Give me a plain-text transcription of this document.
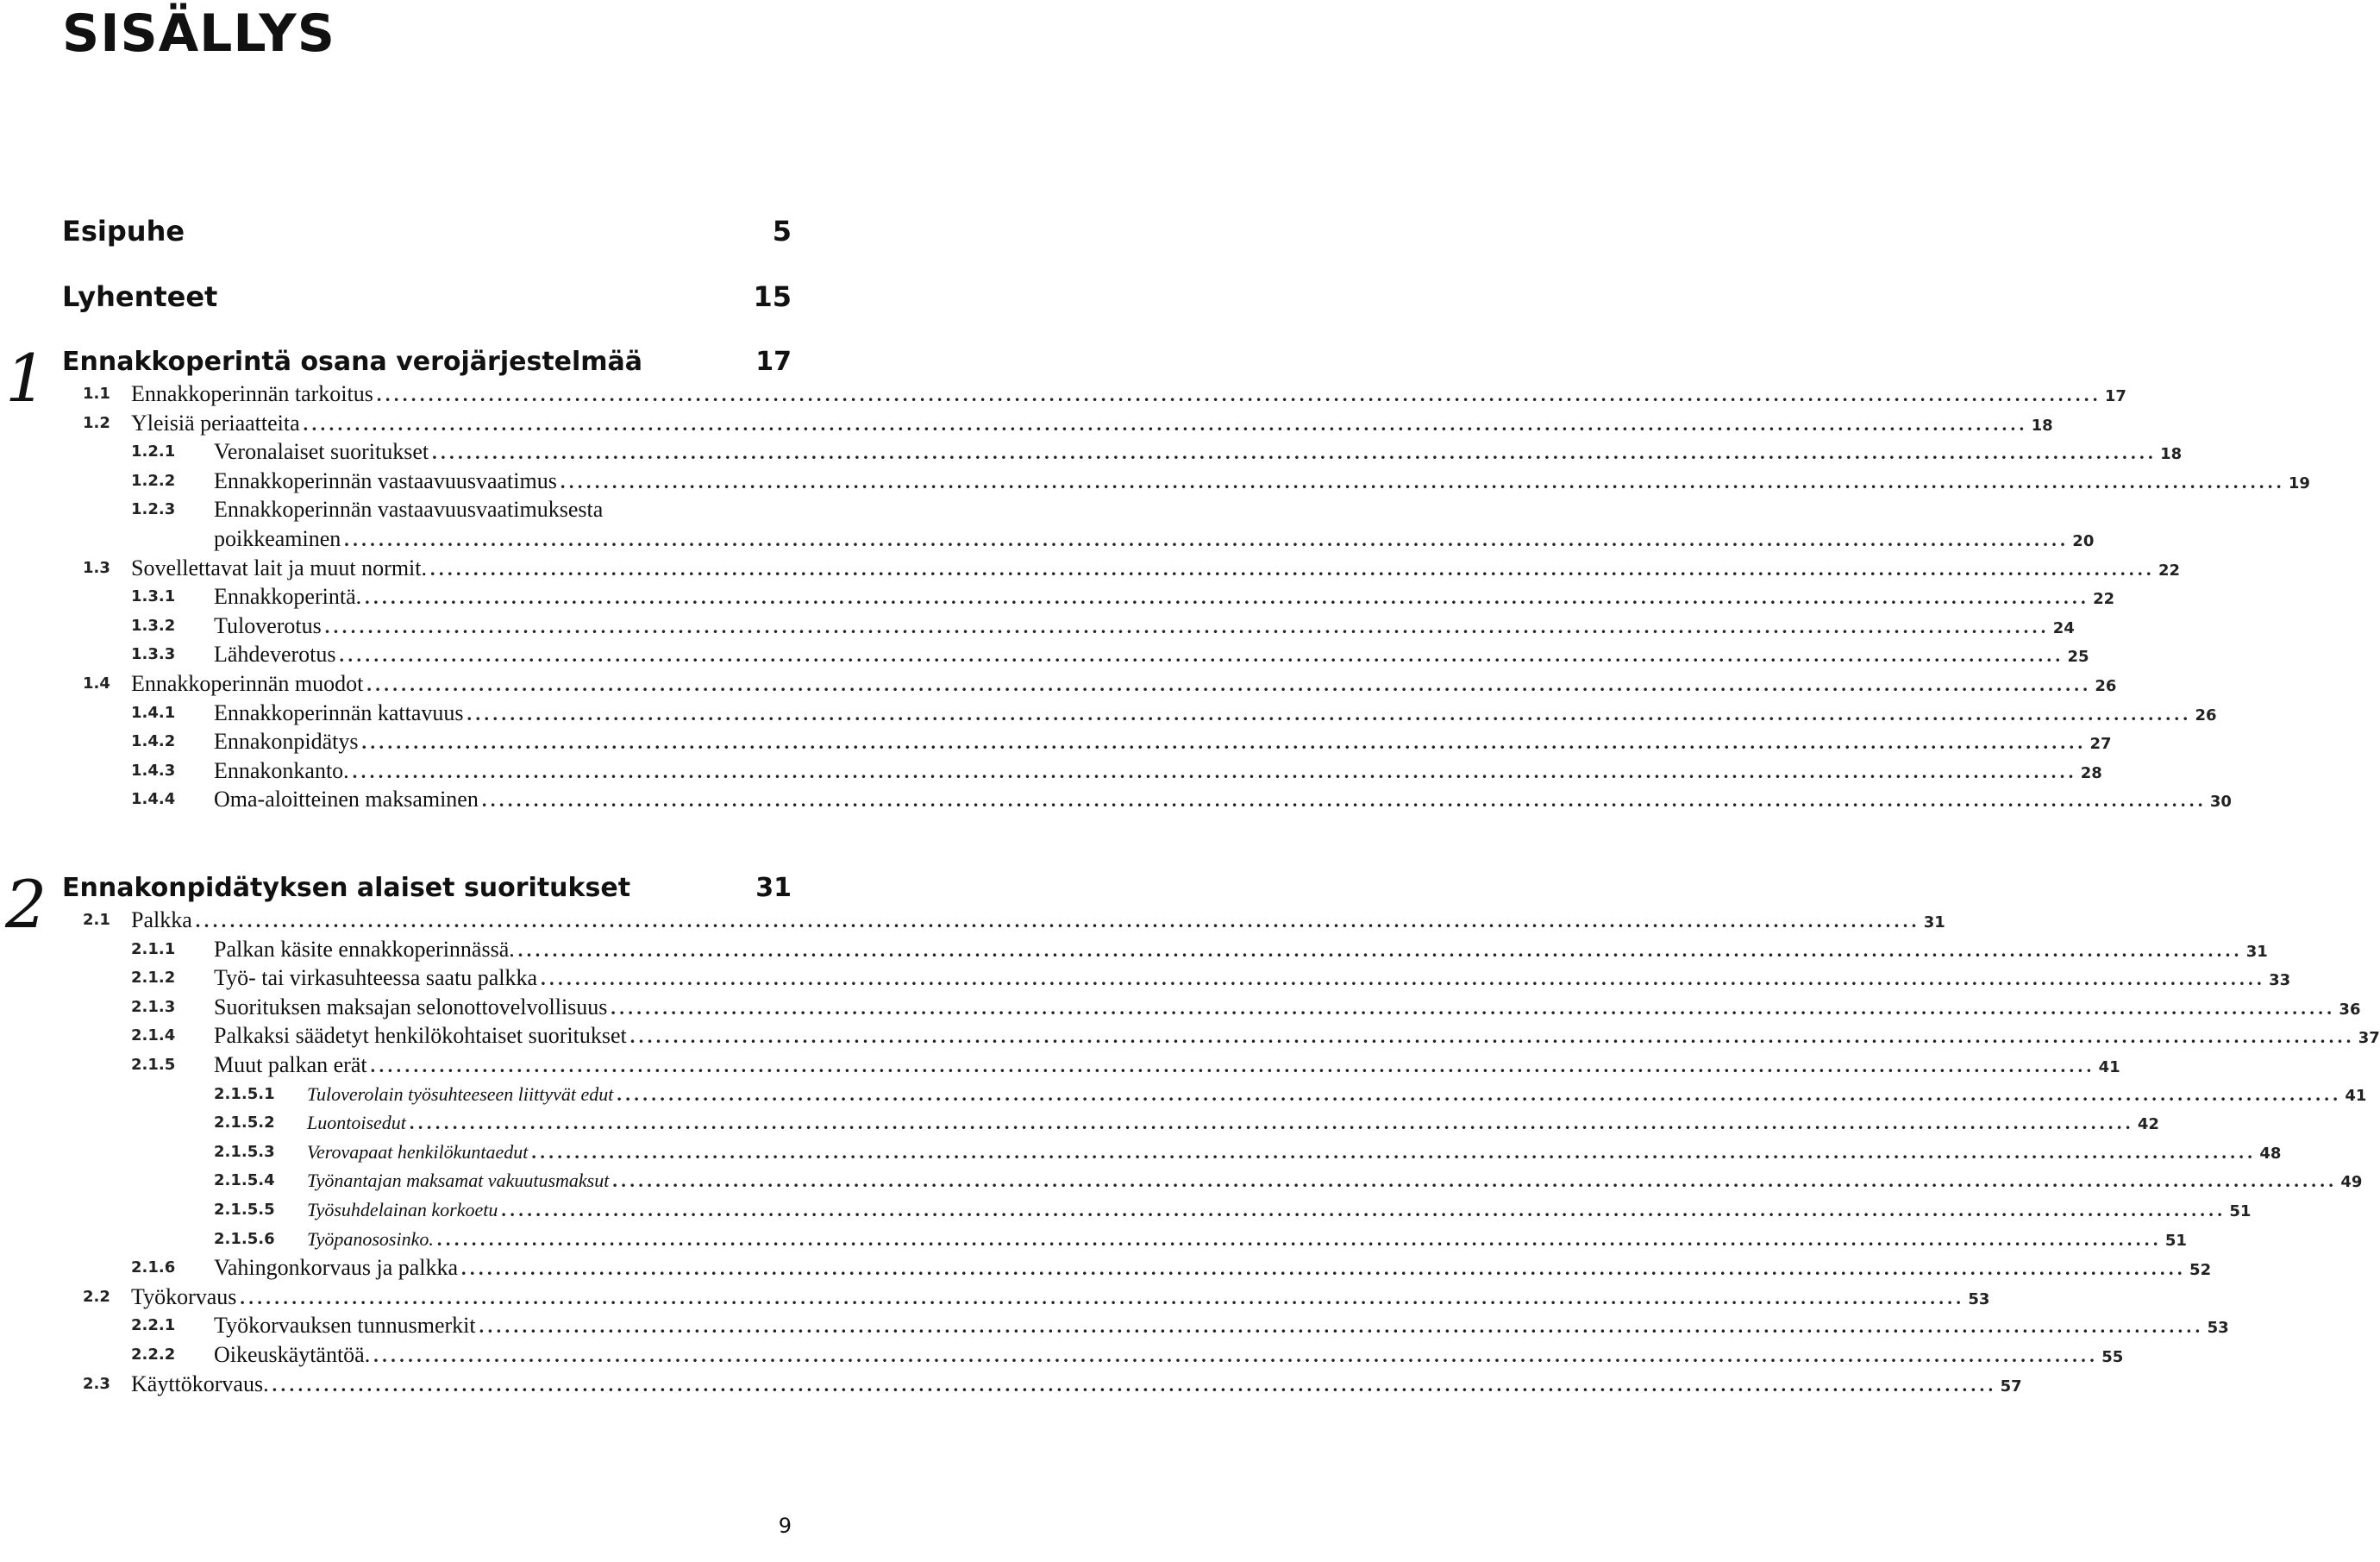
SISÄLLYS
Esipuhe	5
Lyhenteet	15
1 Ennakkoperintä osana verojärjestelmää	17
1.1 Ennakkoperinnän tarkoitus ........................................................................................................................................................................................................ 17
1.2 Yleisiä periaatteita ........................................................................................................................................................................................................ 18
1.2.1 Veronalaiset suoritukset ........................................................................................................................................................................................................ 18
1.2.2 Ennakkoperinnän vastaavuusvaatimus ........................................................................................................................................................................................................ 19
1.2.3 Ennakkoperinnän vastaavuusvaatimuksesta
poikkeaminen ........................................................................................................................................................................................................ 20
1.3 Sovellettavat lait ja muut normit. ........................................................................................................................................................................................................ 22
1.3.1 Ennakkoperintä. ........................................................................................................................................................................................................ 22
1.3.2 Tuloverotus ........................................................................................................................................................................................................ 24
1.3.3 Lähdeverotus ........................................................................................................................................................................................................ 25
1.4 Ennakkoperinnän muodot ........................................................................................................................................................................................................ 26
1.4.1 Ennakkoperinnän kattavuus ........................................................................................................................................................................................................ 26
1.4.2 Ennakonpidätys ........................................................................................................................................................................................................ 27
1.4.3 Ennakonkanto. ........................................................................................................................................................................................................ 28
1.4.4 Oma-aloitteinen maksaminen ........................................................................................................................................................................................................ 30
2 Ennakonpidätyksen alaiset suoritukset	31
2.1 Palkka ........................................................................................................................................................................................................ 31
2.1.1 Palkan käsite ennakkoperinnässä. ........................................................................................................................................................................................................ 31
2.1.2 Työ- tai virkasuhteessa saatu palkka ........................................................................................................................................................................................................ 33
2.1.3 Suorituksen maksajan selonottovelvollisuus ........................................................................................................................................................................................................ 36
2.1.4 Palkaksi säädetyt henkilökohtaiset suoritukset ........................................................................................................................................................................................................ 37
2.1.5 Muut palkan erät ........................................................................................................................................................................................................ 41
2.1.5.1 Tuloverolain työsuhteeseen liittyvät edut ........................................................................................................................................................................................................ 41
2.1.5.2 Luontoisedut ........................................................................................................................................................................................................ 42
2.1.5.3 Verovapaat henkilökuntaedut ........................................................................................................................................................................................................ 48
2.1.5.4 Työnantajan maksamat vakuutusmaksut ........................................................................................................................................................................................................ 49
2.1.5.5 Työsuhdelainan korkoetu ........................................................................................................................................................................................................ 51
2.1.5.6 Työpanososinko. ........................................................................................................................................................................................................ 51
2.1.6 Vahingonkorvaus ja palkka ........................................................................................................................................................................................................ 52
2.2 Työkorvaus ........................................................................................................................................................................................................ 53
2.2.1 Työkorvauksen tunnusmerkit ........................................................................................................................................................................................................ 53
2.2.2 Oikeuskäytäntöä. ........................................................................................................................................................................................................ 55
2.3 Käyttökorvaus. ........................................................................................................................................................................................................ 57
9
